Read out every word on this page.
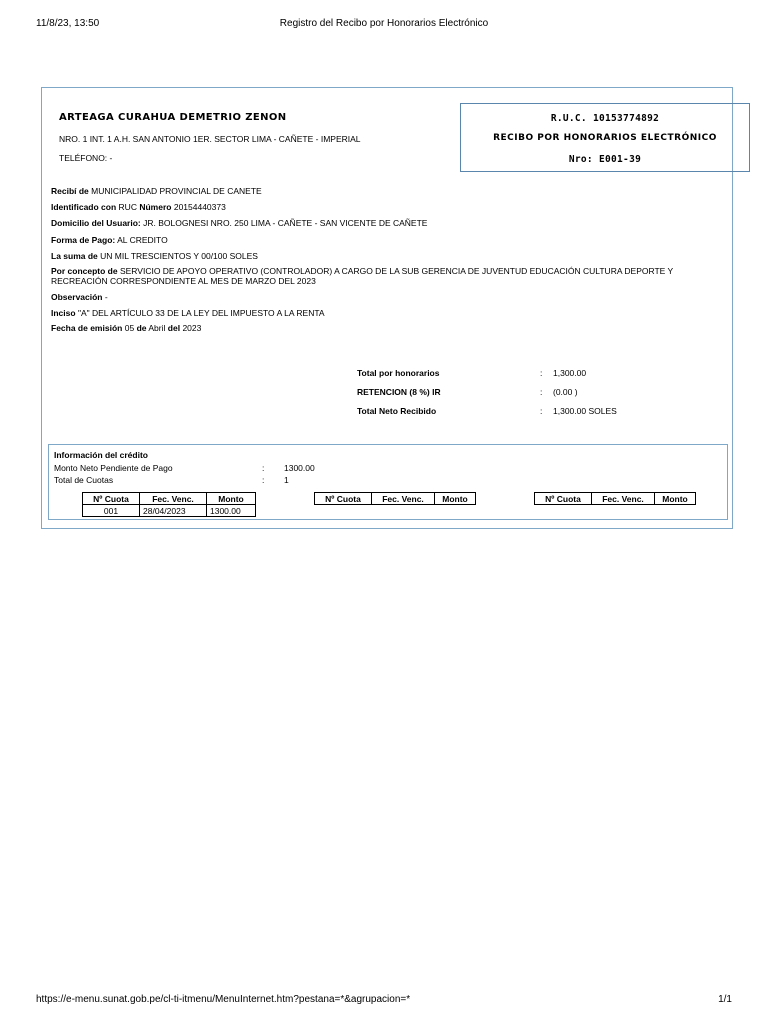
11/8/23, 13:50	Registro del Recibo por Honorarios Electrónico
ARTEAGA CURAHUA DEMETRIO ZENON
NRO. 1 INT. 1 A.H. SAN ANTONIO 1ER. SECTOR LIMA - CAÑETE - IMPERIAL
TELÉFONO: -
R.U.C. 10153774892
RECIBO POR HONORARIOS ELECTRÓNICO
Nro: E001-39
Recibí de MUNICIPALIDAD PROVINCIAL DE CANETE
Identificado con RUC Número 20154440373
Domicilio del Usuario: JR. BOLOGNESI NRO. 250 LIMA - CAÑETE - SAN VICENTE DE CAÑETE
Forma de Pago: AL CREDITO
La suma de UN MIL TRESCIENTOS Y 00/100 SOLES
Por concepto de SERVICIO DE APOYO OPERATIVO (CONTROLADOR) A CARGO DE LA SUB GERENCIA DE JUVENTUD EDUCACIÓN CULTURA DEPORTE Y RECREACIÓN CORRESPONDIENTE AL MES DE MARZO DEL 2023
Observación -
Inciso "A" DEL ARTÍCULO 33 DE LA LEY DEL IMPUESTO A LA RENTA
Fecha de emisión 05 de Abril del 2023
Total por honorarios	: 1,300.00
RETENCION (8 %) IR	: (0.00 )
Total Neto Recibido	: 1,300.00 SOLES
Información del crédito
Monto Neto Pendiente de Pago	: 1300.00
Total de Cuotas	: 1
Nº Cuota	Fec. Venc.	Monto
001	28/04/2023	1300.00
Nº Cuota	Fec. Venc.	Monto	Nº Cuota	Fec. Venc.	Monto
https://e-menu.sunat.gob.pe/cl-ti-itmenu/MenuInternet.htm?pestana=*&agrupacion=*	1/1
